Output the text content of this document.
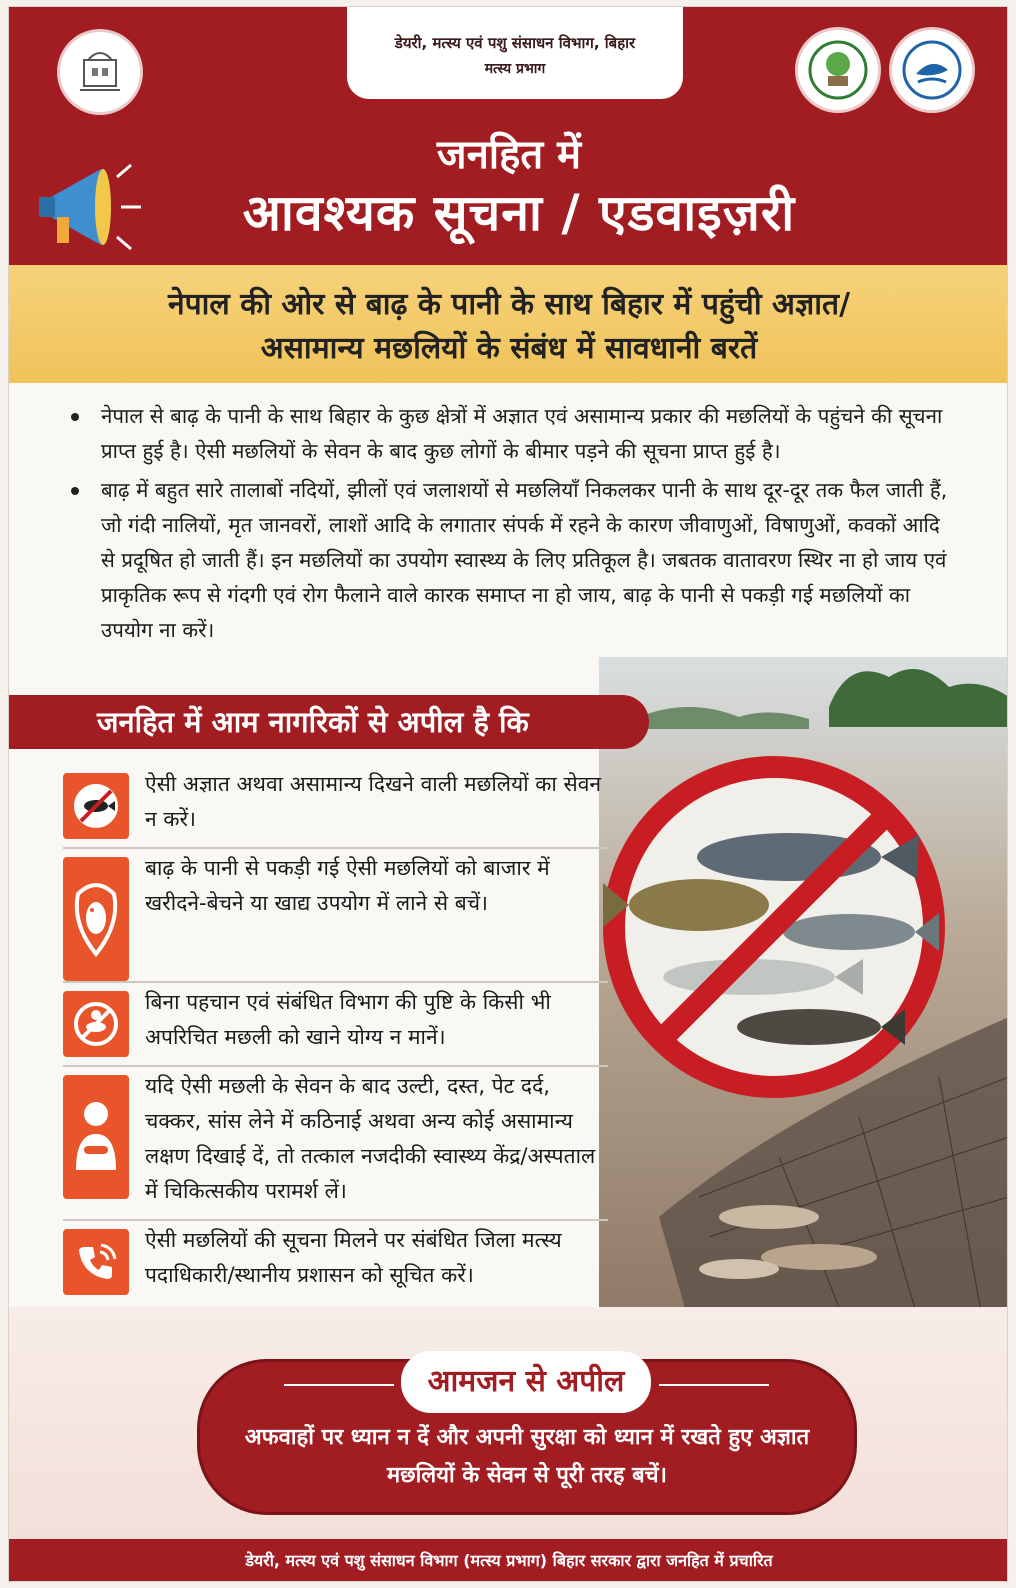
डेयरी, मत्स्य एवं पशु संसाधन विभाग, बिहार
मत्स्य प्रभाग
जनहित में
आवश्यक सूचना / एडवाइज़री
नेपाल की ओर से बाढ़ के पानी के साथ बिहार में पहुंची अज्ञात/
असामान्य मछलियों के संबंध में सावधानी बरतें
नेपाल से बाढ़ के पानी के साथ बिहार के कुछ क्षेत्रों में अज्ञात एवं असामान्य प्रकार की मछलियों के पहुंचने की सूचना प्राप्त हुई है। ऐसी मछलियों के सेवन के बाद कुछ लोगों के बीमार पड़ने की सूचना प्राप्त हुई है।
बाढ़ में बहुत सारे तालाबों नदियों, झीलों एवं जलाशयों से मछलियाँ निकलकर पानी के साथ दूर-दूर तक फैल जाती हैं, जो गंदी नालियों, मृत जानवरों, लाशों आदि के लगातार संपर्क में रहने के कारण जीवाणुओं, विषाणुओं, कवकों आदि से प्रदूषित हो जाती हैं। इन मछलियों का उपयोग स्वास्थ्य के लिए प्रतिकूल है। जबतक वातावरण स्थिर ना हो जाय एवं प्राकृतिक रूप से गंदगी एवं रोग फैलाने वाले कारक समाप्त ना हो जाय, बाढ़ के पानी से पकड़ी गई मछलियों का उपयोग ना करें।
जनहित में आम नागरिकों से अपील है कि
ऐसी अज्ञात अथवा असामान्य दिखने वाली मछलियों का सेवन न करें।
बाढ़ के पानी से पकड़ी गई ऐसी मछलियों को बाजार में खरीदने-बेचने या खाद्य उपयोग में लाने से बचें।
बिना पहचान एवं संबंधित विभाग की पुष्टि के किसी भी अपरिचित मछली को खाने योग्य न मानें।
यदि ऐसी मछली के सेवन के बाद उल्टी, दस्त, पेट दर्द, चक्कर, सांस लेने में कठिनाई अथवा अन्य कोई असामान्य लक्षण दिखाई दें, तो तत्काल नजदीकी स्वास्थ्य केंद्र/अस्पताल में चिकित्सकीय परामर्श लें।
ऐसी मछलियों की सूचना मिलने पर संबंधित जिला मत्स्य पदाधिकारी/स्थानीय प्रशासन को सूचित करें।
आमजन से अपील
अफवाहों पर ध्यान न दें और अपनी सुरक्षा को ध्यान में रखते हुए अज्ञात मछलियों के सेवन से पूरी तरह बचें।
डेयरी, मत्स्य एवं पशु संसाधन विभाग (मत्स्य प्रभाग) बिहार सरकार द्वारा जनहित में प्रचारित
